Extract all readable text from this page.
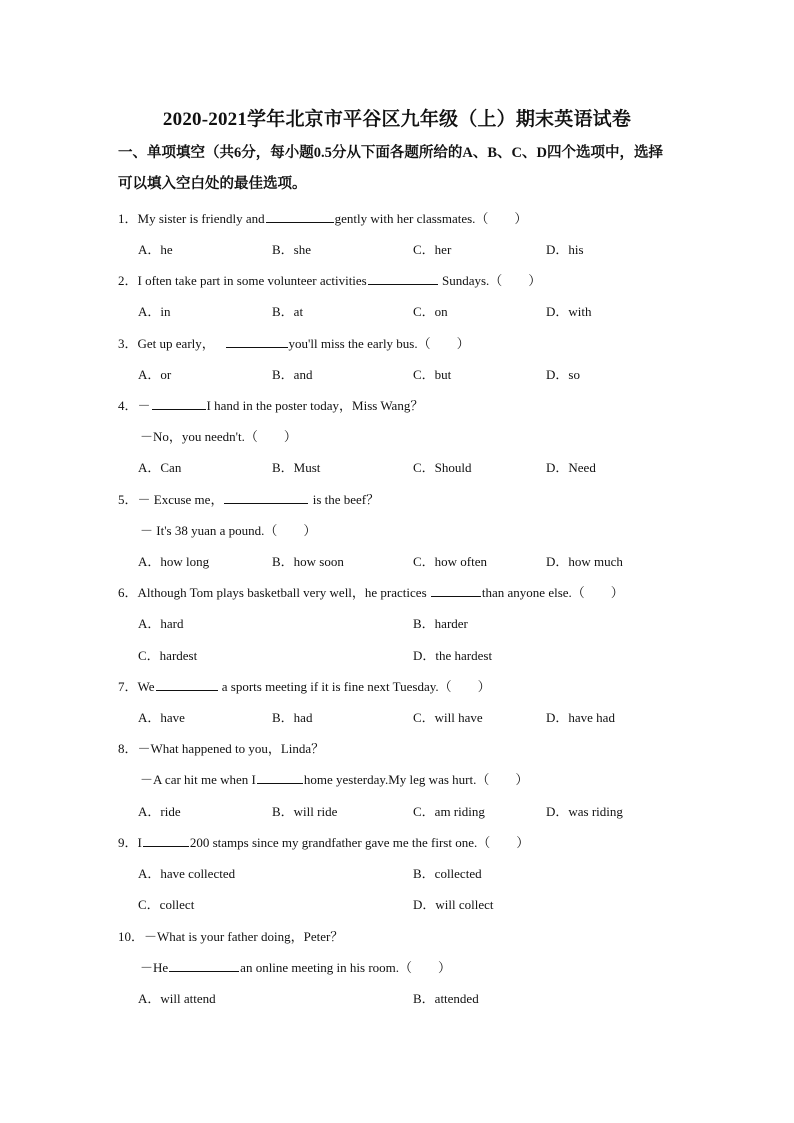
2020-2021学年北京市平谷区九年级（上）期末英语试卷
一、单项填空（共6分，每小题0.5分从下面各题所给的A、B、C、D四个选项中，选择
可以填入空白处的最佳选项。
1．My sister is friendly and	gently with her classmates.（　　）
A．he	B．she	C．her	D．his
2．I often take part in some volunteer activities	Sundays.（　　）
A．in	B．at	C．on	D．with
3．Get up early，	you'll miss the early bus.（　　）
A．or	B．and	C．but	D．so
4．－	I hand in the poster today，Miss Wang？
－No，you needn't.（　　）
A．Can	B．Must	C．Should	D．Need
5．－ Excuse me，	is the beef？
－ It's 38 yuan a pound.（　　）
A．how long	B．how soon	C．how often	D．how much
6．Although Tom plays basketball very well，he practices	than anyone else.（　　）
A．hard	B．harder
C．hardest	D．the hardest
7．We	a sports meeting if it is fine next Tuesday.（　　）
A．have	B．had	C．will have	D．have had
8．－What happened to you，Linda？
－A car hit me when I	home yesterday.My leg was hurt.（　　）
A．ride	B．will ride	C．am riding	D．was riding
9．I	200 stamps since my grandfather gave me the first one.（　　）
A．have collected	B．collected
C．collect	D．will collect
10．－What is your father doing，Peter？
－He	an online meeting in his room.（　　）
A．will attend	B．attended
